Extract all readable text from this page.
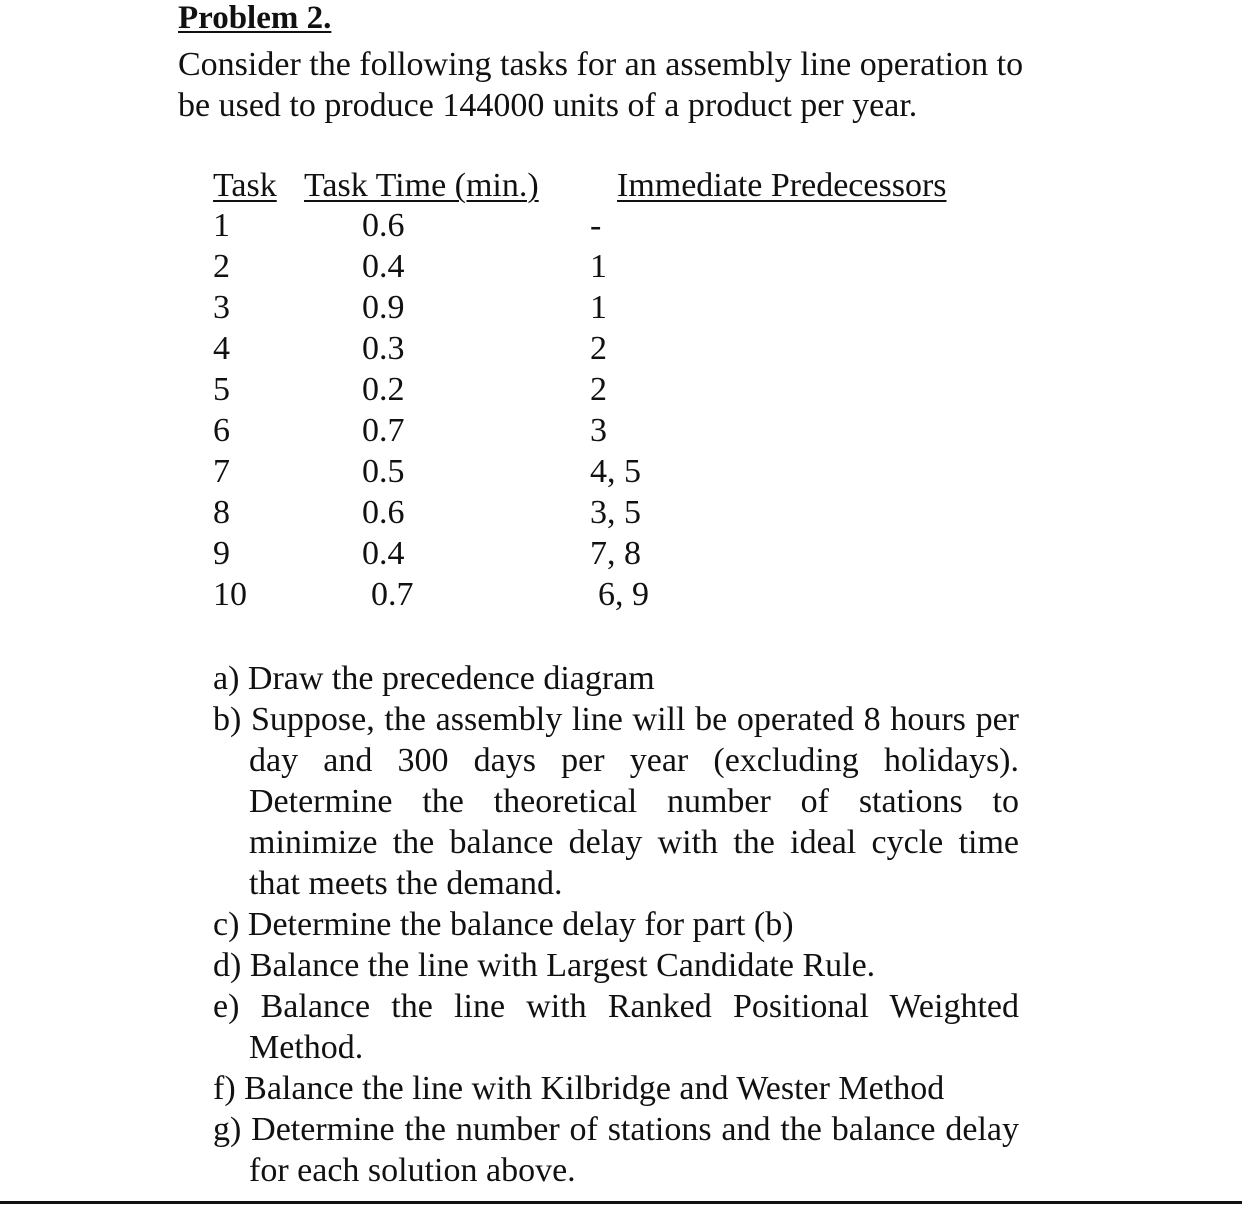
Problem 2.
Consider the following tasks for an assembly line operation to be used to produce 144000 units of a product per year.
Task Task Time (min.) Immediate Predecessors
1	0.6	-
2	0.4	1
3	0.9	1
4	0.3	2
5	0.2	2
6	0.7	3
7	0.5	4, 5
8	0.6	3, 5
9	0.4	7, 8
10	0.7	6, 9

a) Draw the precedence diagram

b) Suppose, the assembly line will be operated 8 hours per day and 300 days per year (excluding holidays). Determine the theoretical number of stations to minimize the balance delay with the ideal cycle time that meets the demand.

c) Determine the balance delay for part (b)

d) Balance the line with Largest Candidate Rule.

e) Balance the line with Ranked Positional Weighted Method.

f) Balance the line with Kilbridge and Wester Method

g) Determine the number of stations and the balance delay for each solution above.
